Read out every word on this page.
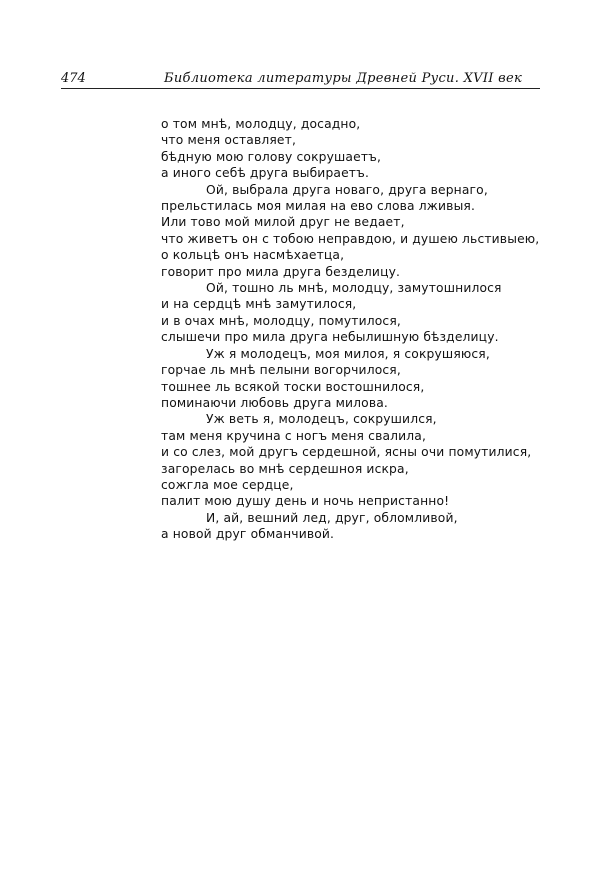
474	Библиотека литературы Древней Руси. XVII век
о том мнѣ, молодцу, досадно,
что меня оставляет,
бѣдную мою голову сокрушаетъ,
а иного себѣ друга выбираетъ.
Ой, выбрала друга новаго, друга вернаго,
прельстилась моя милая на ево слова лживыя.
Или тово мой милой друг не ведает,
что живетъ он с тобою неправдою, и душею льстивыею,
о кольцѣ онъ насмѣхаетца,
говорит про мила друга безделицу.
Ой, тошно ль мнѣ, молодцу, замутошнилося
и на сердцѣ мнѣ замутилося,
и в очах мнѣ, молодцу, помутилося,
слышечи про мила друга небылишную бѣзделицу.
Уж я молодецъ, моя милоя, я сокрушяюся,
горчае ль мнѣ пелыни вогорчилося,
тошнее ль всякой тоски востошнилося,
поминаючи любовь друга милова.
Уж веть я, молодецъ, сокрушился,
там меня кручина с ногъ меня свалила,
и со слез, мой другъ сердешной, ясны очи помутилися,
загорелась во мнѣ сердешноя искра,
сожгла мое сердце,
палит мою душу день и ночь непристанно!
И, ай, вешний лед, друг, обломливой,
а новой друг обманчивой.
